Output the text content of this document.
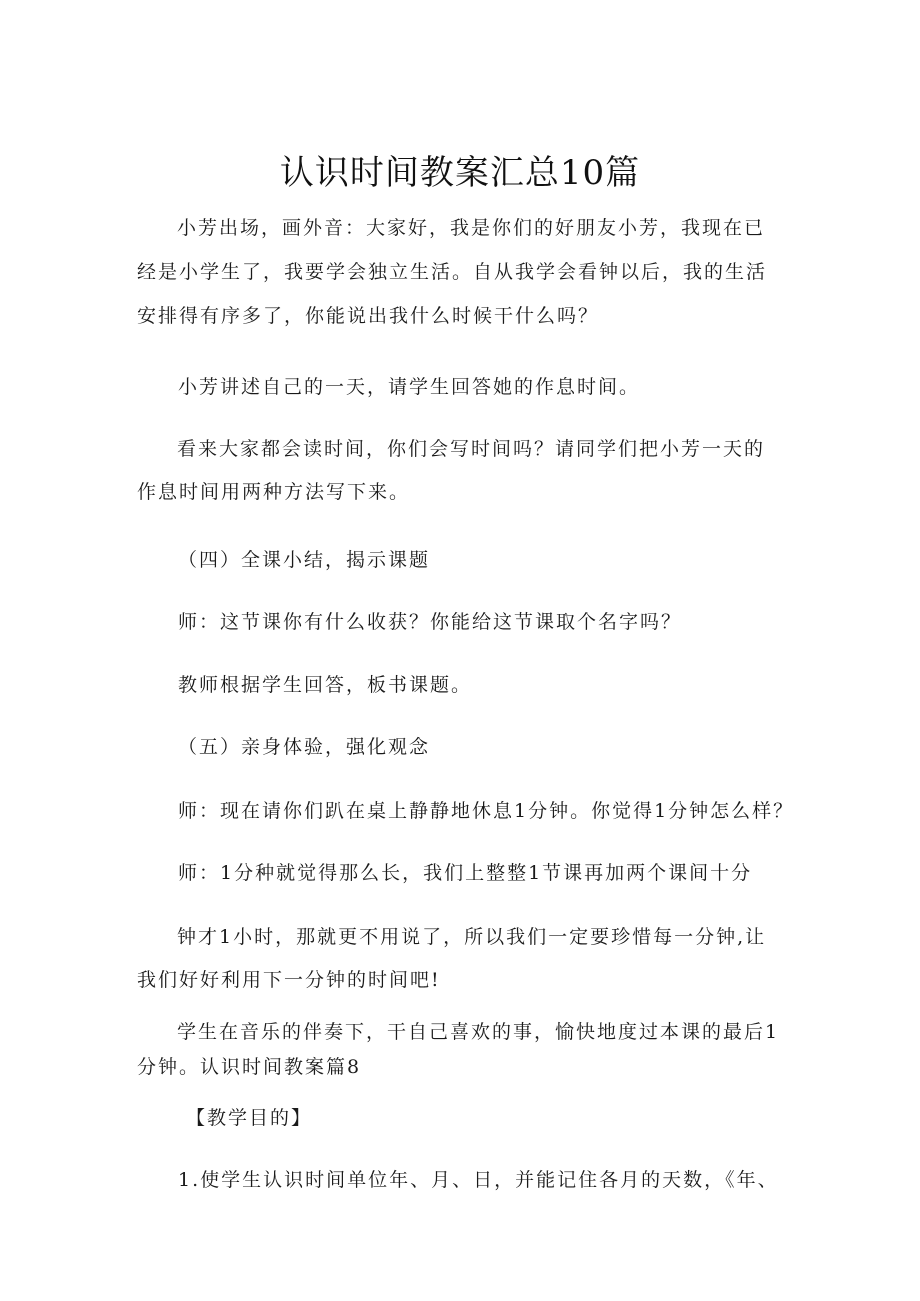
认识时间教案汇总10篇

小芳出场，画外音：大家好，我是你们的好朋友小芳，我现在已经是小学生了，我要学会独立生活。自从我学会看钟以后，我的生活安排得有序多了，你能说出我什么时候干什么吗？

小芳讲述自己的一天，请学生回答她的作息时间。

看来大家都会读时间，你们会写时间吗？请同学们把小芳一天的作息时间用两种方法写下来。

（四）全课小结，揭示课题
师：这节课你有什么收获？你能给这节课取个名字吗？
教师根据学生回答，板书课题。
（五）亲身体验，强化观念
师：现在请你们趴在桌上静静地休息1分钟。你觉得1分钟怎么样？
师：1分种就觉得那么长，我们上整整1节课再加两个课间十分

钟才1小时，那就更不用说了，所以我们一定要珍惜每一分钟,让我们好好利用下一分钟的时间吧!

学生在音乐的伴奏下，干自己喜欢的事，愉快地度过本课的最后1分钟。认识时间教案篇8

【教学目的】
1.使学生认识时间单位年、月、日，并能记住各月的天数，《年、
